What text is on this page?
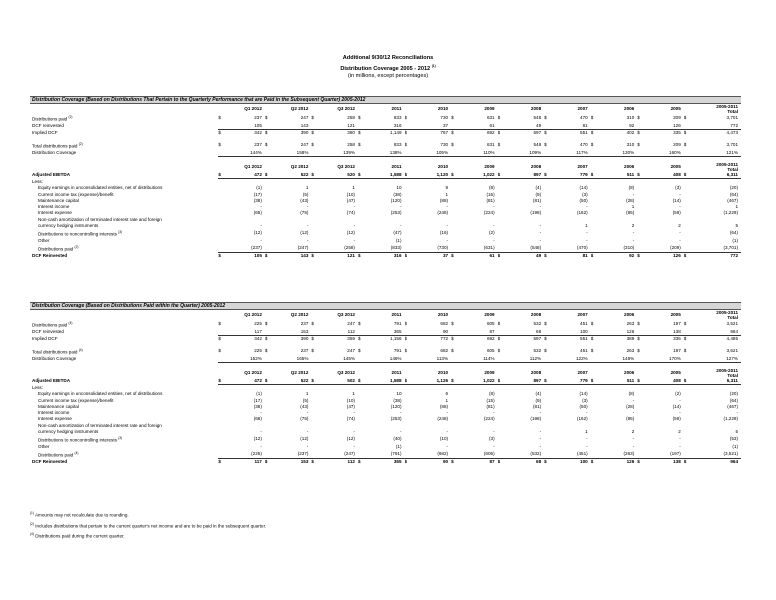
Additional 9/30/12 Reconciliations
Distribution Coverage 2005 - 2012 $^{(1)}$
(in millions, except percentages)
Distribution Coverage (Based on Distributions That Pertain to the Quarterly Performance that are Paid in the Subsequent Quarter) 2005-2012
		Q1 2012		Q2 2012		Q3 2012		2011		2010		2009		2008		2007		2006		2005		2005-2011
Total

Distributions paid $^{(2)}$	$	237	$	247	$	258	$	833	$	730	$	631	$	548	$	470	$	310	$	209	$	3,701
DCF reinvested		105		143		121		316		37		61		49		81		92		126		772
Implied DCF	$	342	$	390	$	380	$	1,149	$	767	$	692	$	597	$	551	$	402	$	335	$	4,473

Total distributions paid $^{(2)}$	$	237	$	247	$	258	$	833	$	730	$	631	$	548	$	470	$	310	$	209	$	3,701
Distribution Coverage		144%		158%		139%		138%		105%		110%		109%		117%		130%		160%		121%

		Q1 2012		Q2 2012		Q3 2012		2011		2010		2009		2008		2007		2006		2005		2005-2011
Total

Adjusted EBITDA	$	472	$	522	$	520	$	1,588	$	1,120	$	1,022	$	897	$	779	$	511	$	408	$	6,311
Less:																						
Equity earnings in unconsolidated entities, net of distributions		(1)		1		1		10		9		(8)		(4)		(14)		(8)		(3)		(20)
Current income tax (expense)/benefit		(17)		(5)		(10)		(38)		1		(15)		(9)		(3)		-		-		(64)
Maintenance capital		(38)		(43)		(47)		(120)		(88)		(81)		(81)		(50)		(28)		(14)		(467)
Interest income		-		-		-		-		-		-		-		-		1		-		1
Interest expense		(65)		(75)		(74)		(253)		(248)		(224)		(198)		(162)		(85)		(59)		(1,229)
Non-cash amortization of terminated interest rate and foreign																						
currency hedging instruments		-		-		-		-		-		-		-		1		2		2		5
Distributions to noncontrolling interests $^{(3)}$		(12)		(12)		(12)		(47)		(16)		(2)		-		-		-		-		(64)
Other		-		-		-		(1)		-		-		-		-		-		-		(1)
Distributions paid $^{(2)}$		(237)		(247)		(258)		(833)		(730)		(631)		(548)		(470)		(310)		(209)		(3,701)
DCF Reinvested	$	105	$	143	$	121	$	316	$	37	$	61	$	49	$	81	$	92	$	126	$	772
Distribution Coverage (Based on Distributions Paid within the Quarter) 2005-2012
		Q1 2012		Q2 2012		Q3 2012		2011		2010		2009		2008		2007		2006		2005		2005-2011
Total

Distributions paid $^{(4)}$	$	225	$	237	$	247	$	791	$	682	$	605	$	532	$	451	$	263	$	197	$	3,521
DCF reinvested		117		153		112		365		90		87		68		100		126		138		964
Implied DCF	$	342	$	390	$	359	$	1,156	$	772	$	692	$	597	$	551	$	389	$	335	$	4,485

Total distributions paid $^{(4)}$	$	225	$	237	$	247	$	791	$	682	$	605	$	532	$	451	$	263	$	197	$	3,521
Distribution Coverage		152%		165%		145%		146%		113%		114%		112%		122%		148%		170%		127%

		Q1 2012		Q2 2012		Q3 2012		2011		2010		2009		2008		2007		2006		2005		2005-2011
Total

Adjusted EBITDA	$	472	$	522	$	502	$	1,588	$	1,126	$	1,022	$	897	$	779	$	511	$	408	$	6,311
Less:																						
Equity earnings in unconsolidated entities, net of distributions		(1)		1		1		10		6		(8)		(4)		(14)		(8)		(2)		(20)
Current income tax (expense)/benefit		(17)		(5)		(10)		(38)		1		(15)		(9)		(3)		-		-		(64)
Maintenance capital		(38)		(43)		(47)		(120)		(88)		(81)		(81)		(50)		(28)		(14)		(467)
Interest income		-		-		-		-		-		-		-		-		-		-		-
Interest expense		(68)		(75)		(74)		(253)		(248)		(224)		(198)		(162)		(85)		(59)		(1,229)
Non-cash amortization of terminated interest rate and foreign																						
currency hedging instruments		-		-		-		-		-		-		-		1		2		2		5
Distributions to noncontrolling interests $^{(3)}$		(12)		(12)		(12)		(40)		(10)		(3)		-		-		-		-		(53)
Other		-		-		-		(1)		-		-		-		-		-		-		(1)
Distributions paid $^{(4)}$		(225)		(237)		(247)		(791)		(682)		(605)		(532)		(451)		(263)		(197)		(3,521)
DCF Reinvested	$	117	$	153	$	112	$	365	$	90	$	87	$	68	$	100	$	126	$	138	$	964
$^{(1)}$ Amounts may not recalculate due to rounding.
$^{(2)}$ Includes distributions that pertain to the current quarter's net income and are to be paid in the subsequent quarter.
$^{(4)}$ Distributions paid during the current quarter.
